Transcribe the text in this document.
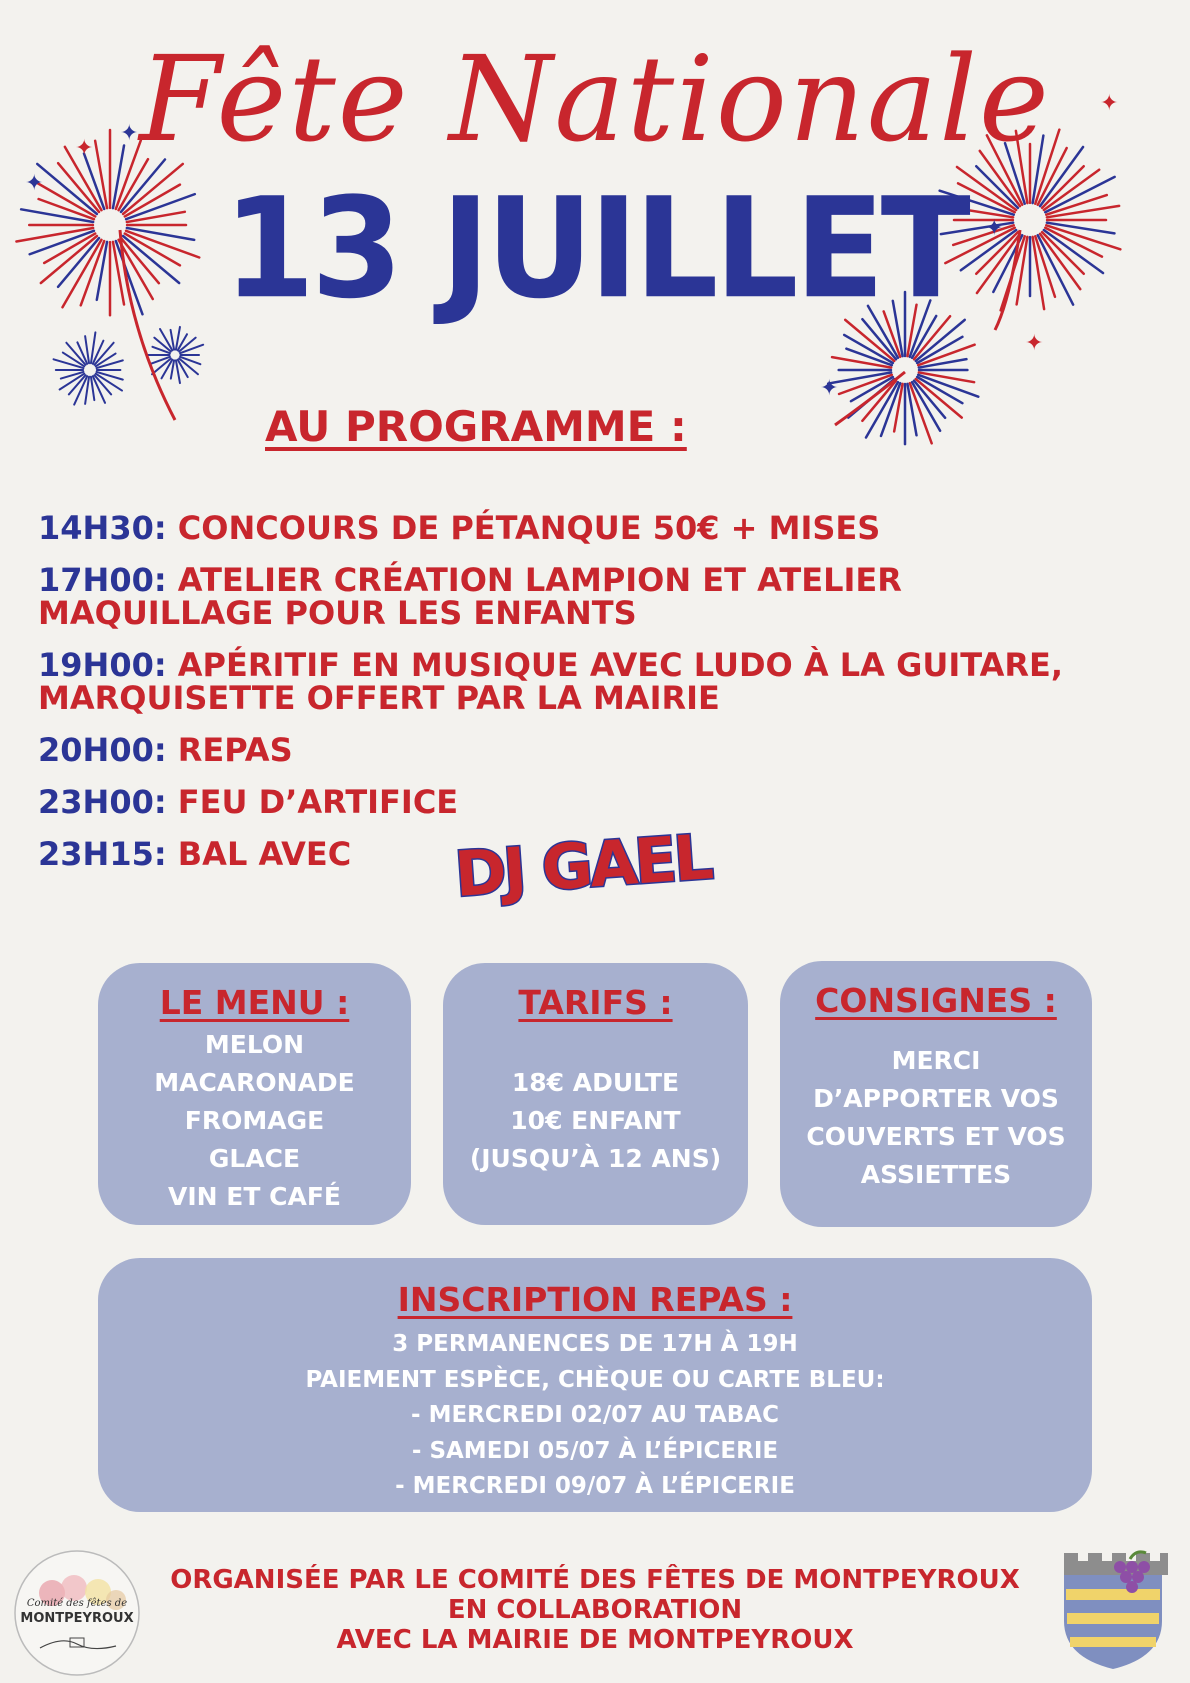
✦
✦
✦
✦
✦
✦
✦
Fête Nationale
13 JUILLET
AU PROGRAMME :
14H30: CONCOURS DE PÉTANQUE 50€ + MISES
17H00: ATELIER CRÉATION LAMPION ET ATELIER MAQUILLAGE POUR LES ENFANTS
19H00: APÉRITIF EN MUSIQUE AVEC LUDO À LA GUITARE, MARQUISETTE OFFERT PAR LA MAIRIE
20H00: REPAS
23H00: FEU D’ARTIFICE
23H15: BAL AVEC	DJ GAEL
LE MENU :
MELON
MACARONADE
FROMAGE
GLACE
VIN ET CAFÉ
TARIFS :
18€ ADULTE
10€ ENFANT
(JUSQU’À 12 ANS)
CONSIGNES :
MERCI
D’APPORTER VOS
COUVERTS ET VOS
ASSIETTES
INSCRIPTION REPAS :
3 PERMANENCES DE 17H À 19H
PAIEMENT ESPÈCE, CHÈQUE OU CARTE BLEU:
- MERCREDI 02/07 AU TABAC
- SAMEDI 05/07 À L’ÉPICERIE
- MERCREDI 09/07 À L’ÉPICERIE
Comité des fêtes de
MONTPEYROUX
ORGANISÉE PAR LE COMITÉ DES FÊTES DE MONTPEYROUX
EN COLLABORATION
AVEC LA MAIRIE DE MONTPEYROUX
